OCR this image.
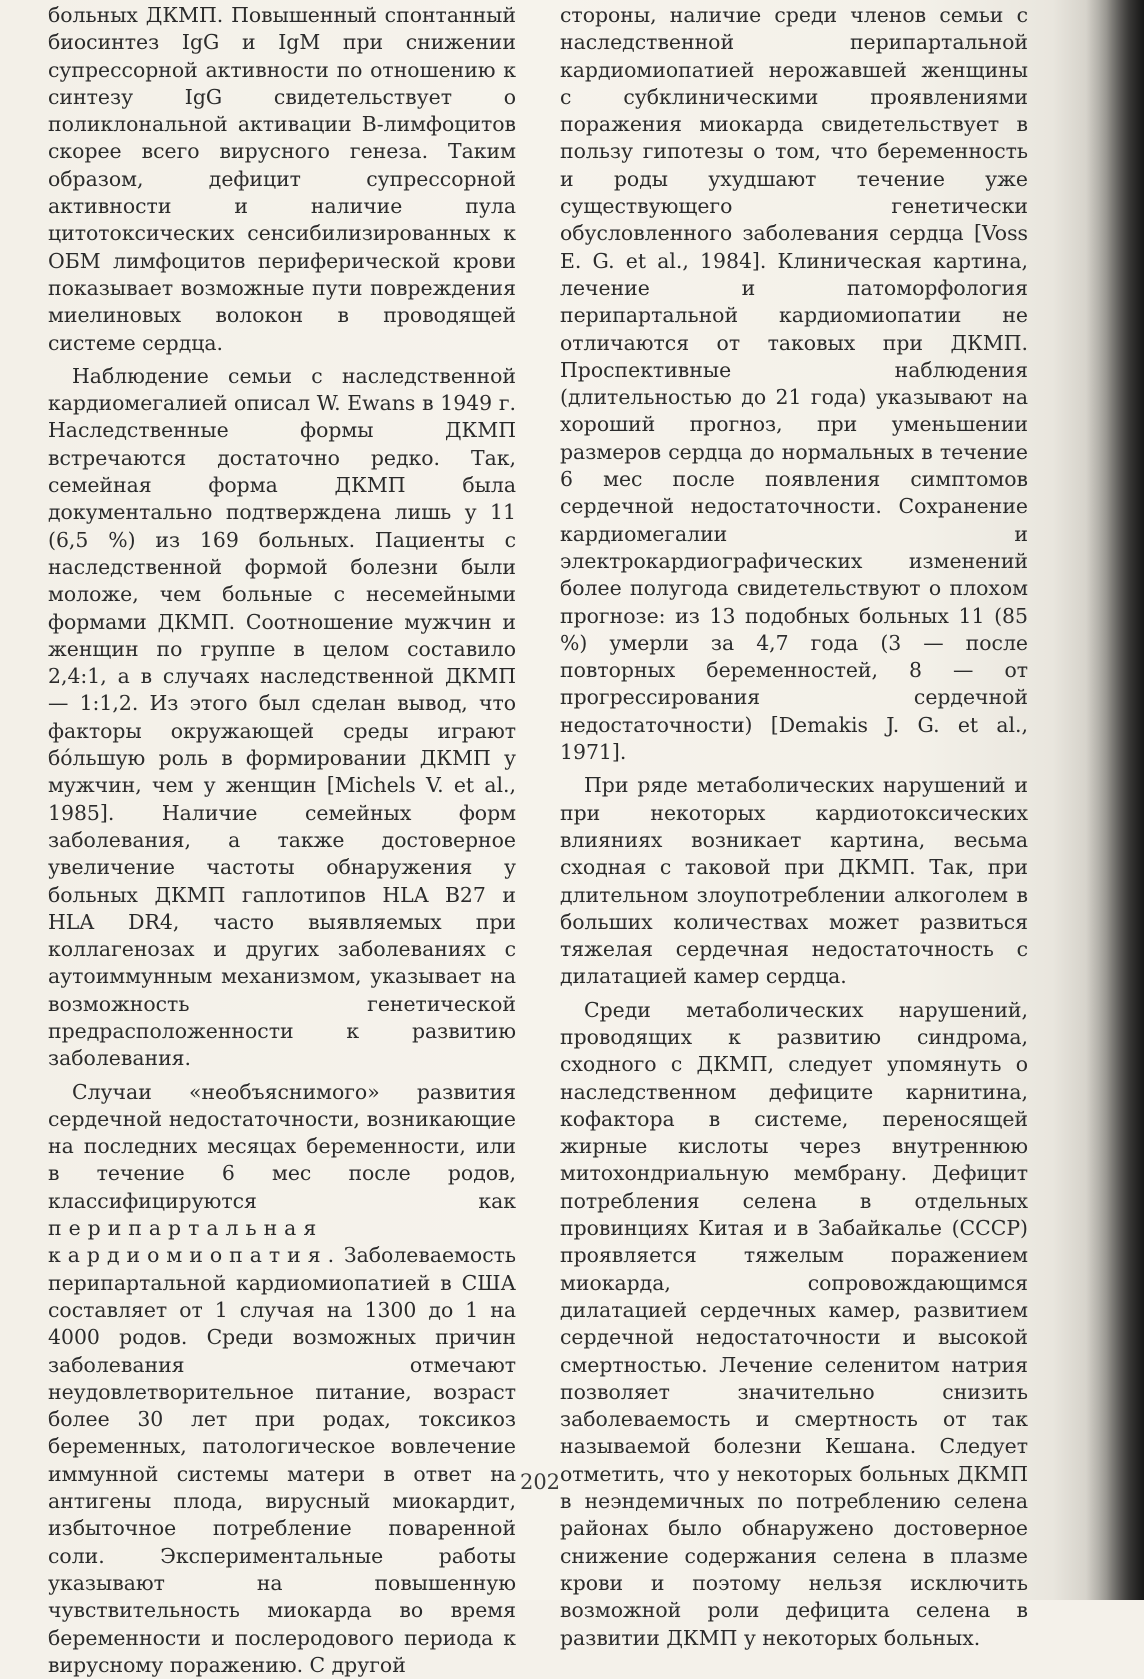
больных ДКМП. Повышенный спонтанный биосинтез IgG и IgM при снижении супрессорной активности по отношению к синтезу IgG свидетельствует о поликлональной активации В-лимфоцитов скорее всего вирусного генеза. Таким образом, дефицит супрессорной активности и наличие пула цитотоксических сенсибилизированных к ОБМ лимфоцитов периферической крови показывает возможные пути повреждения миелиновых волокон в проводящей системе сердца.

Наблюдение семьи с наследственной кардиомегалией описал W. Ewans в 1949 г. Наследственные формы ДКМП встречаются достаточно редко. Так, семейная форма ДКМП была документально подтверждена лишь у 11 (6,5 %) из 169 больных. Пациенты с наследственной формой болезни были моложе, чем больные с несемейными формами ДКМП. Соотношение мужчин и женщин по группе в целом составило 2,4:1, а в случаях наследственной ДКМП — 1:1,2. Из этого был сделан вывод, что факторы окружающей среды играют бóльшую роль в формировании ДКМП у мужчин, чем у женщин [Michels V. et al., 1985]. Наличие семейных форм заболевания, а также достоверное увеличение частоты обнаружения у больных ДКМП гаплотипов HLA B27 и HLA DR4, часто выявляемых при коллагенозах и других заболеваниях с аутоиммунным механизмом, указывает на возможность генетической предрасположенности к развитию заболевания.

Случаи «необъяснимого» развития сердечной недостаточности, возникающие на последних месяцах беременности, или в течение 6 мес после родов, классифицируются как перипартальная кардиомиопатия. Заболеваемость перипартальной кардиомиопатией в США составляет от 1 случая на 1300 до 1 на 4000 родов. Среди возможных причин заболевания отмечают неудовлетворительное питание, возраст более 30 лет при родах, токсикоз беременных, патологическое вовлечение иммунной системы матери в ответ на антигены плода, вирусный миокардит, избыточное потребление поваренной соли. Экспериментальные работы указывают на повышенную чувствительность миокарда во время беременности и послеродового периода к вирусному поражению. С другой

стороны, наличие среди членов семьи с наследственной перипартальной кардиомиопатией нерожавшей женщины с субклиническими проявлениями поражения миокарда свидетельствует в пользу гипотезы о том, что беременность и роды ухудшают течение уже существующего генетически обусловленного заболевания сердца [Voss E. G. et al., 1984]. Клиническая картина, лечение и патоморфология перипартальной кардиомиопатии не отличаются от таковых при ДКМП. Проспективные наблюдения (длительностью до 21 года) указывают на хороший прогноз, при уменьшении размеров сердца до нормальных в течение 6 мес после появления симптомов сердечной недостаточности. Сохранение кардиомегалии и электрокардиографических изменений более полугода свидетельствуют о плохом прогнозе: из 13 подобных больных 11 (85 %) умерли за 4,7 года (3 — после повторных беременностей, 8 — от прогрессирования сердечной недостаточности) [Demakis J. G. et al., 1971].

При ряде метаболических нарушений и при некоторых кардиотоксических влияниях возникает картина, весьма сходная с таковой при ДКМП. Так, при длительном злоупотреблении алкоголем в больших количествах может развиться тяжелая сердечная недостаточность с дилатацией камер сердца.

Среди метаболических нарушений, проводящих к развитию синдрома, сходного с ДКМП, следует упомянуть о наследственном дефиците карнитина, кофактора в системе, переносящей жирные кислоты через внутреннюю митохондриальную мембрану. Дефицит потребления селена в отдельных провинциях Китая и в Забайкалье (СССР) проявляется тяжелым поражением миокарда, сопровождающимся дилатацией сердечных камер, развитием сердечной недостаточности и высокой смертностью. Лечение селенитом натрия позволяет значительно снизить заболеваемость и смертность от так называемой болезни Кешана. Следует отметить, что у некоторых больных ДКМП в неэндемичных по потреблению селена районах было обнаружено достоверное снижение содержания селена в плазме крови и поэтому нельзя исключить возможной роли дефицита селена в развитии ДКМП у некоторых больных.

202
